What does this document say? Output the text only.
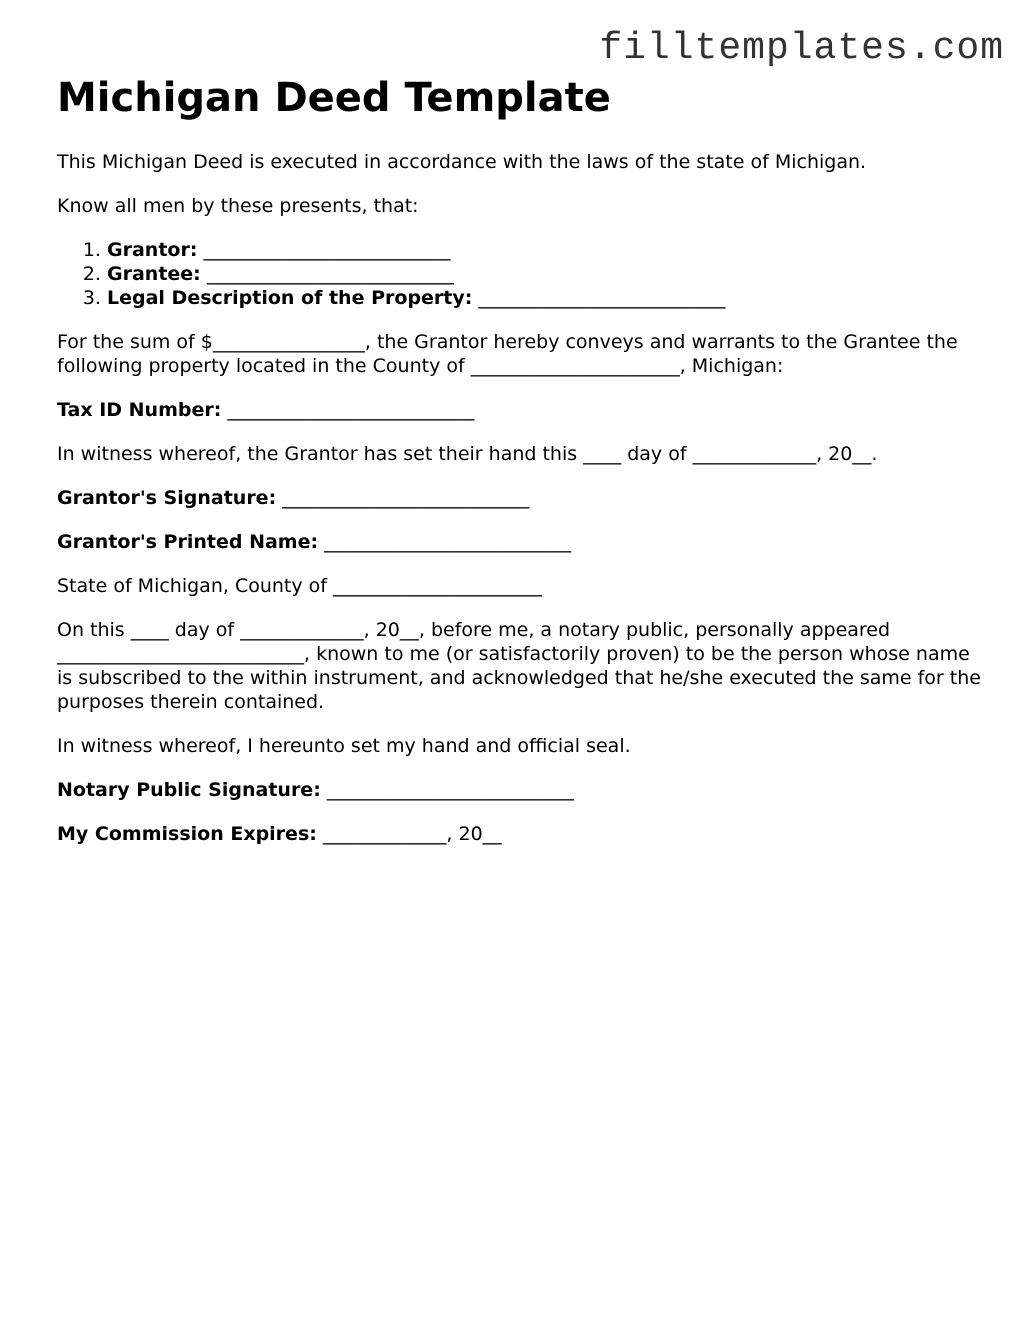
filltemplates.com
Michigan Deed Template

This Michigan Deed is executed in accordance with the laws of the state of Michigan.

Know all men by these presents, that:

1. Grantor: __________________________
2. Grantee: __________________________
3. Legal Description of the Property: __________________________

For the sum of $________________, the Grantor hereby conveys and warrants to the Grantee the following property located in the County of ______________________, Michigan:

Tax ID Number: __________________________

In witness whereof, the Grantor has set their hand this ____ day of _____________, 20__.

Grantor's Signature: __________________________

Grantor's Printed Name: __________________________

State of Michigan, County of ______________________

On this ____ day of _____________, 20__, before me, a notary public, personally appeared __________________________, known to me (or satisfactorily proven) to be the person whose name is subscribed to the within instrument, and acknowledged that he/she executed the same for the purposes therein contained.

In witness whereof, I hereunto set my hand and official seal.

Notary Public Signature: __________________________

My Commission Expires: _____________, 20__
